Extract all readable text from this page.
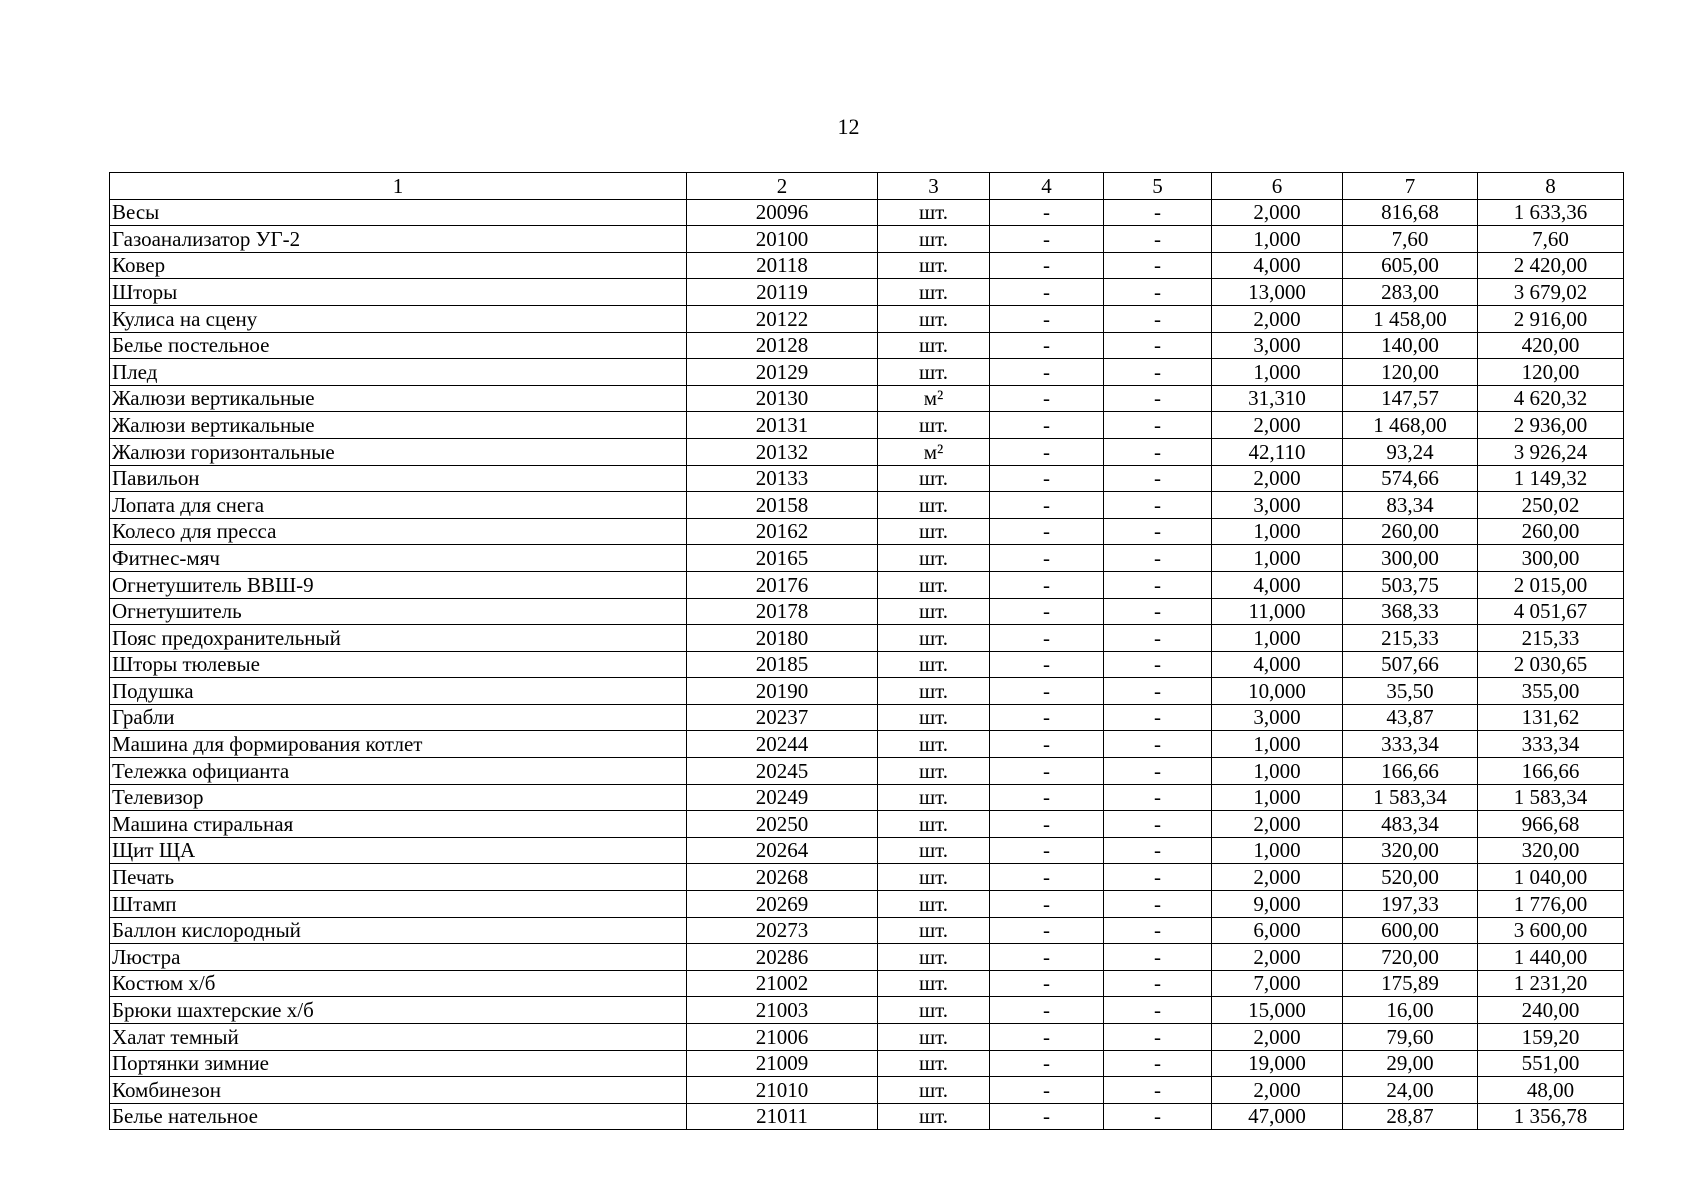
12
1	2	3	4	5	6	7	8
Весы	20096	шт.	-	-	2,000	816,68	1 633,36
Газоанализатор УГ-2	20100	шт.	-	-	1,000	7,60	7,60
Ковер	20118	шт.	-	-	4,000	605,00	2 420,00
Шторы	20119	шт.	-	-	13,000	283,00	3 679,02
Кулиса на сцену	20122	шт.	-	-	2,000	1 458,00	2 916,00
Белье постельное	20128	шт.	-	-	3,000	140,00	420,00
Плед	20129	шт.	-	-	1,000	120,00	120,00
Жалюзи вертикальные	20130	м²	-	-	31,310	147,57	4 620,32
Жалюзи вертикальные	20131	шт.	-	-	2,000	1 468,00	2 936,00
Жалюзи горизонтальные	20132	м²	-	-	42,110	93,24	3 926,24
Павильон	20133	шт.	-	-	2,000	574,66	1 149,32
Лопата для снега	20158	шт.	-	-	3,000	83,34	250,02
Колесо для пресса	20162	шт.	-	-	1,000	260,00	260,00
Фитнес-мяч	20165	шт.	-	-	1,000	300,00	300,00
Огнетушитель ВВШ-9	20176	шт.	-	-	4,000	503,75	2 015,00
Огнетушитель	20178	шт.	-	-	11,000	368,33	4 051,67
Пояс предохранительный	20180	шт.	-	-	1,000	215,33	215,33
Шторы тюлевые	20185	шт.	-	-	4,000	507,66	2 030,65
Подушка	20190	шт.	-	-	10,000	35,50	355,00
Грабли	20237	шт.	-	-	3,000	43,87	131,62
Машина для формирования котлет	20244	шт.	-	-	1,000	333,34	333,34
Тележка официанта	20245	шт.	-	-	1,000	166,66	166,66
Телевизор	20249	шт.	-	-	1,000	1 583,34	1 583,34
Машина стиральная	20250	шт.	-	-	2,000	483,34	966,68
Щит ЩА	20264	шт.	-	-	1,000	320,00	320,00
Печать	20268	шт.	-	-	2,000	520,00	1 040,00
Штамп	20269	шт.	-	-	9,000	197,33	1 776,00
Баллон кислородный	20273	шт.	-	-	6,000	600,00	3 600,00
Люстра	20286	шт.	-	-	2,000	720,00	1 440,00
Костюм х/б	21002	шт.	-	-	7,000	175,89	1 231,20
Брюки шахтерские х/б	21003	шт.	-	-	15,000	16,00	240,00
Халат темный	21006	шт.	-	-	2,000	79,60	159,20
Портянки зимние	21009	шт.	-	-	19,000	29,00	551,00
Комбинезон	21010	шт.	-	-	2,000	24,00	48,00
Белье нательное	21011	шт.	-	-	47,000	28,87	1 356,78
